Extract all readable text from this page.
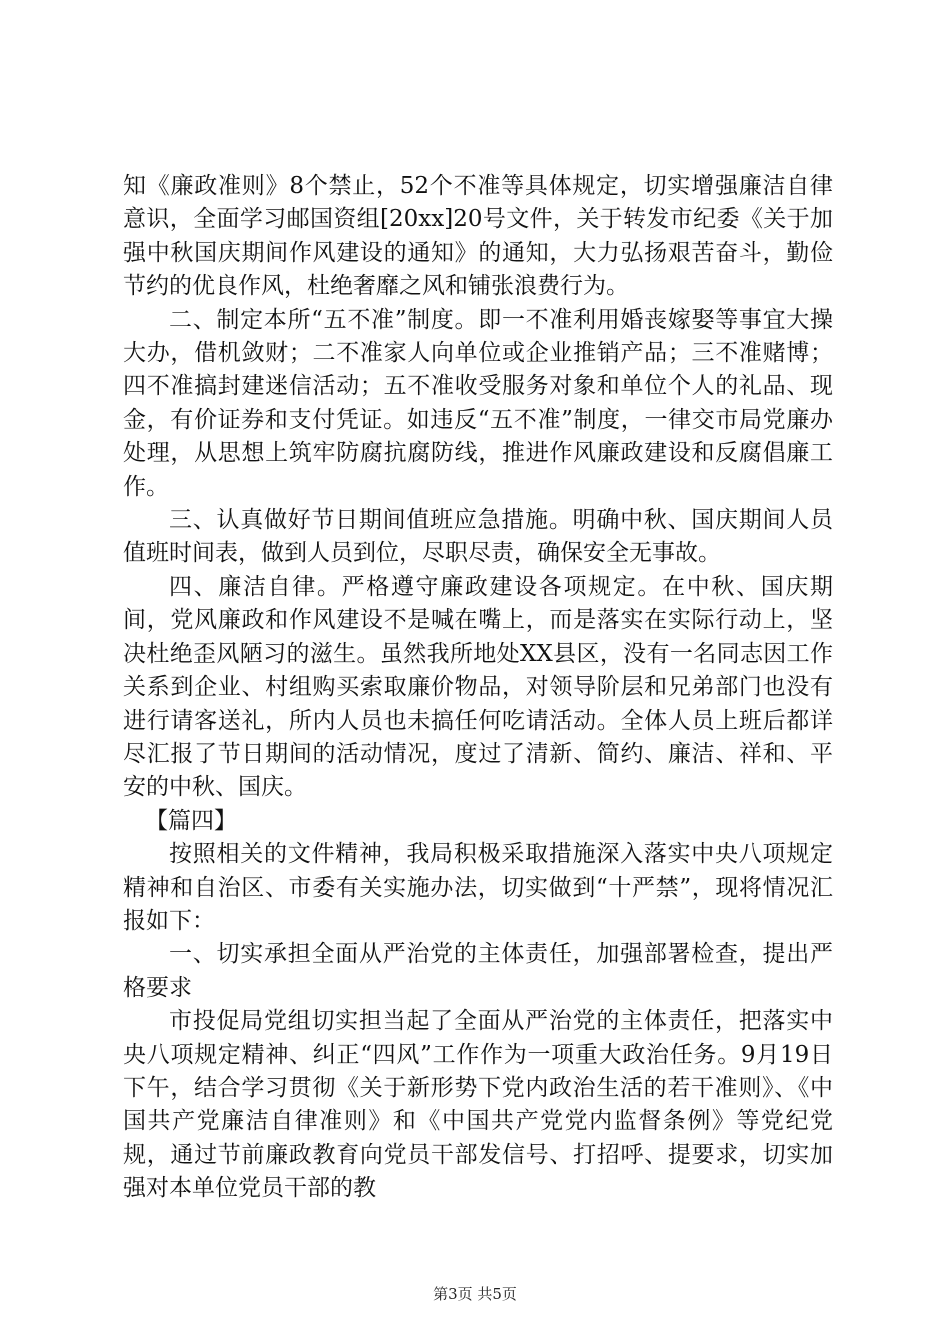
知《廉政准则》8个禁止，52个不准等具体规定，切实增强廉洁自律意识，全面学习邮国资组[20xx]20号文件，关于转发市纪委《关于加强中秋国庆期间作风建设的通知》的通知，大力弘扬艰苦奋斗，勤俭节约的优良作风，杜绝奢靡之风和铺张浪费行为。

二、制定本所“五不准”制度。即一不准利用婚丧嫁娶等事宜大操大办，借机敛财；二不准家人向单位或企业推销产品；三不准赌博；四不准搞封建迷信活动；五不准收受服务对象和单位个人的礼品、现金，有价证券和支付凭证。如违反“五不准”制度，一律交市局党廉办处理，从思想上筑牢防腐抗腐防线，推进作风廉政建设和反腐倡廉工作。

三、认真做好节日期间值班应急措施。明确中秋、国庆期间人员值班时间表，做到人员到位，尽职尽责，确保安全无事故。

四、廉洁自律。严格遵守廉政建设各项规定。在中秋、国庆期间，党风廉政和作风建设不是喊在嘴上，而是落实在实际行动上，坚决杜绝歪风陋习的滋生。虽然我所地处XX县区，没有一名同志因工作关系到企业、村组购买索取廉价物品，对领导阶层和兄弟部门也没有进行请客送礼，所内人员也未搞任何吃请活动。全体人员上班后都详尽汇报了节日期间的活动情况，度过了清新、简约、廉洁、祥和、平安的中秋、国庆。

【篇四】

按照相关的文件精神，我局积极采取措施深入落实中央八项规定精神和自治区、市委有关实施办法，切实做到“十严禁”，现将情况汇报如下：

一、切实承担全面从严治党的主体责任，加强部署检查，提出严格要求

市投促局党组切实担当起了全面从严治党的主体责任，把落实中央八项规定精神、纠正“四风”工作作为一项重大政治任务。9月19日下午，结合学习贯彻《关于新形势下党内政治生活的若干准则》、《中国共产党廉洁自律准则》和《中国共产党党内监督条例》等党纪党规，通过节前廉政教育向党员干部发信号、打招呼、提要求，切实加强对本单位党员干部的教

第3页 共5页
